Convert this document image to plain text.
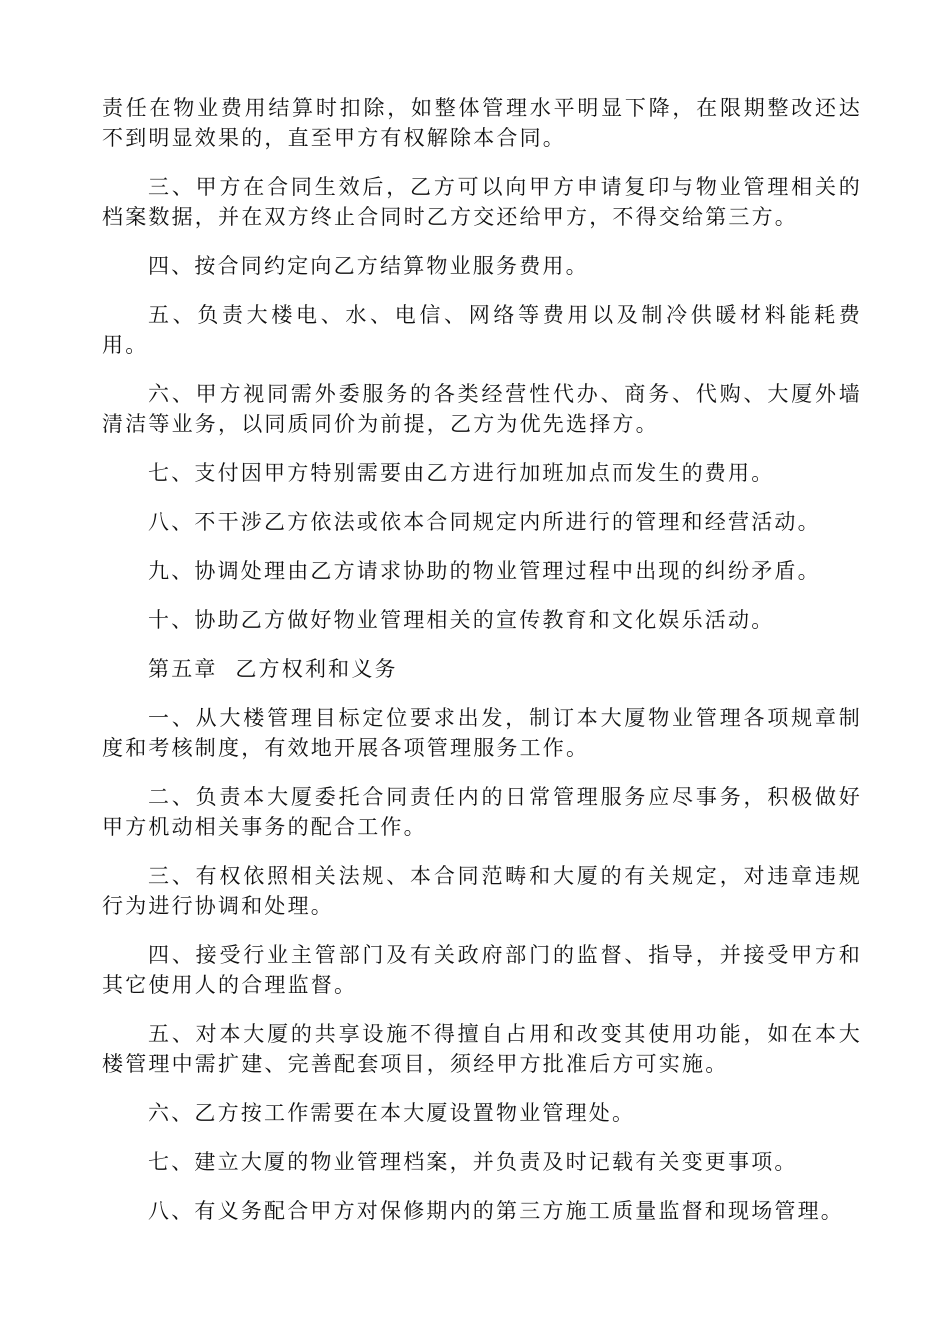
责任在物业费用结算时扣除，如整体管理水平明显下降，在限期整改还达不到明显效果的，直至甲方有权解除本合同。

三、甲方在合同生效后，乙方可以向甲方申请复印与物业管理相关的档案数据，并在双方终止合同时乙方交还给甲方，不得交给第三方。

四、按合同约定向乙方结算物业服务费用。

五、负责大楼电、水、电信、网络等费用以及制冷供暖材料能耗费用。

六、甲方视同需外委服务的各类经营性代办、商务、代购、大厦外墙清洁等业务，以同质同价为前提，乙方为优先选择方。

七、支付因甲方特别需要由乙方进行加班加点而发生的费用。

八、不干涉乙方依法或依本合同规定内所进行的管理和经营活动。

九、协调处理由乙方请求协助的物业管理过程中出现的纠纷矛盾。

十、协助乙方做好物业管理相关的宣传教育和文化娱乐活动。

第五章  乙方权利和义务

一、从大楼管理目标定位要求出发，制订本大厦物业管理各项规章制度和考核制度，有效地开展各项管理服务工作。

二、负责本大厦委托合同责任内的日常管理服务应尽事务，积极做好甲方机动相关事务的配合工作。

三、有权依照相关法规、本合同范畴和大厦的有关规定，对违章违规行为进行协调和处理。

四、接受行业主管部门及有关政府部门的监督、指导，并接受甲方和其它使用人的合理监督。

五、对本大厦的共享设施不得擅自占用和改变其使用功能，如在本大楼管理中需扩建、完善配套项目，须经甲方批准后方可实施。

六、乙方按工作需要在本大厦设置物业管理处。

七、建立大厦的物业管理档案，并负责及时记载有关变更事项。

八、有义务配合甲方对保修期内的第三方施工质量监督和现场管理。
